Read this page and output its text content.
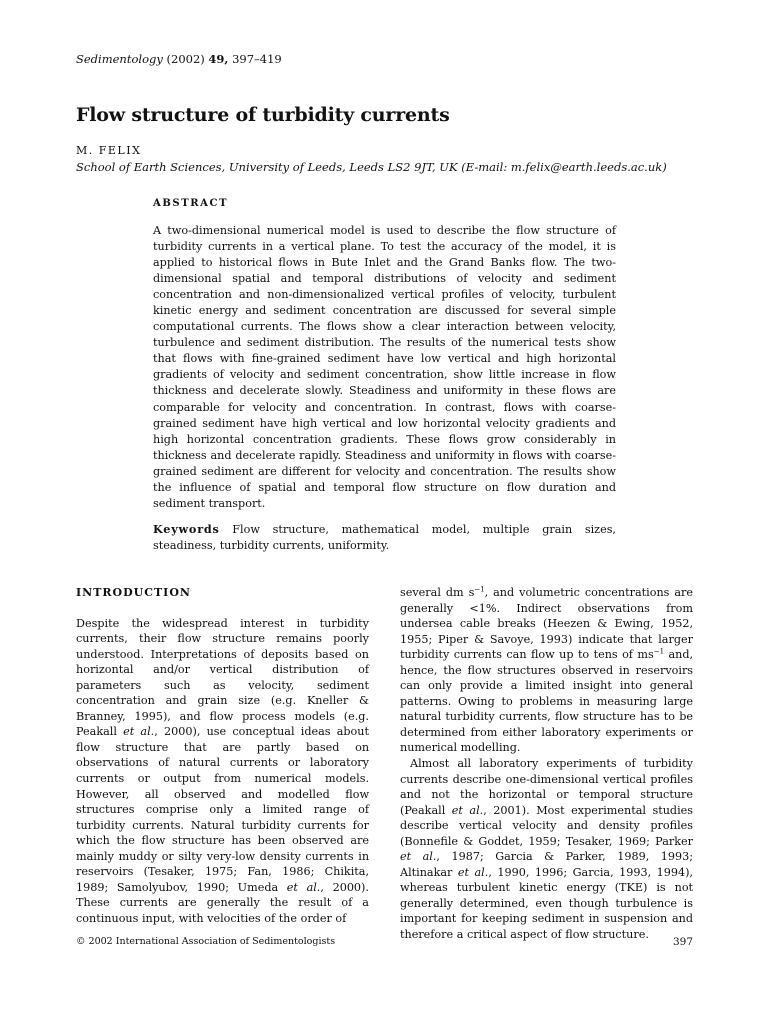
Sedimentology (2002) 49, 397–419
Flow structure of turbidity currents
M. FELIX
School of Earth Sciences, University of Leeds, Leeds LS2 9JT, UK (E-mail: m.felix@earth.leeds.ac.uk)
ABSTRACT

A two-dimensional numerical model is used to describe the flow structure of turbidity currents in a vertical plane. To test the accuracy of the model, it is applied to historical flows in Bute Inlet and the Grand Banks flow. The two-dimensional spatial and temporal distributions of velocity and sediment concentration and non-dimensionalized vertical profiles of velocity, turbulent kinetic energy and sediment concentration are discussed for several simple computational currents. The flows show a clear interaction between velocity, turbulence and sediment distribution. The results of the numerical tests show that flows with fine-grained sediment have low vertical and high horizontal gradients of velocity and sediment concentration, show little increase in flow thickness and decelerate slowly. Steadiness and uniformity in these flows are comparable for velocity and concentration. In contrast, flows with coarse-grained sediment have high vertical and low horizontal velocity gradients and high horizontal concentration gradients. These flows grow considerably in thickness and decelerate rapidly. Steadiness and uniformity in flows with coarse-grained sediment are different for velocity and concentration. The results show the influence of spatial and temporal flow structure on flow duration and sediment transport.

Keywords Flow structure, mathematical model, multiple grain sizes, steadiness, turbidity currents, uniformity.
INTRODUCTION

Despite the widespread interest in turbidity currents, their flow structure remains poorly understood. Interpretations of deposits based on horizontal and/or vertical distribution of parameters such as velocity, sediment concentration and grain size (e.g. Kneller & Branney, 1995), and flow process models (e.g. Peakall et al., 2000), use conceptual ideas about flow structure that are partly based on observations of natural currents or laboratory currents or output from numerical models. However, all observed and modelled flow structures comprise only a limited range of turbidity currents. Natural turbidity currents for which the flow structure has been observed are mainly muddy or silty very-low density currents in reservoirs (Tesaker, 1975; Fan, 1986; Chikita, 1989; Samolyubov, 1990; Umeda et al., 2000). These currents are generally the result of a continuous input, with velocities of the order of

several dm $s^{-1}$, and volumetric concentrations are generally <1%. Indirect observations from undersea cable breaks (Heezen & Ewing, 1952, 1955; Piper & Savoye, 1993) indicate that larger turbidity currents can flow up to tens of $ms^{-1}$ and, hence, the flow structures observed in reservoirs can only provide a limited insight into general patterns. Owing to problems in measuring large natural turbidity currents, flow structure has to be determined from either laboratory experiments or numerical modelling.

Almost all laboratory experiments of turbidity currents describe one-dimensional vertical profiles and not the horizontal or temporal structure (Peakall et al., 2001). Most experimental studies describe vertical velocity and density profiles (Bonnefile & Goddet, 1959; Tesaker, 1969; Parker et al., 1987; Garcia & Parker, 1989, 1993; Altinakar et al., 1990, 1996; Garcia, 1993, 1994), whereas turbulent kinetic energy (TKE) is not generally determined, even though turbulence is important for keeping sediment in suspension and therefore a critical aspect of flow structure.

© 2002 International Association of Sedimentologists	397
